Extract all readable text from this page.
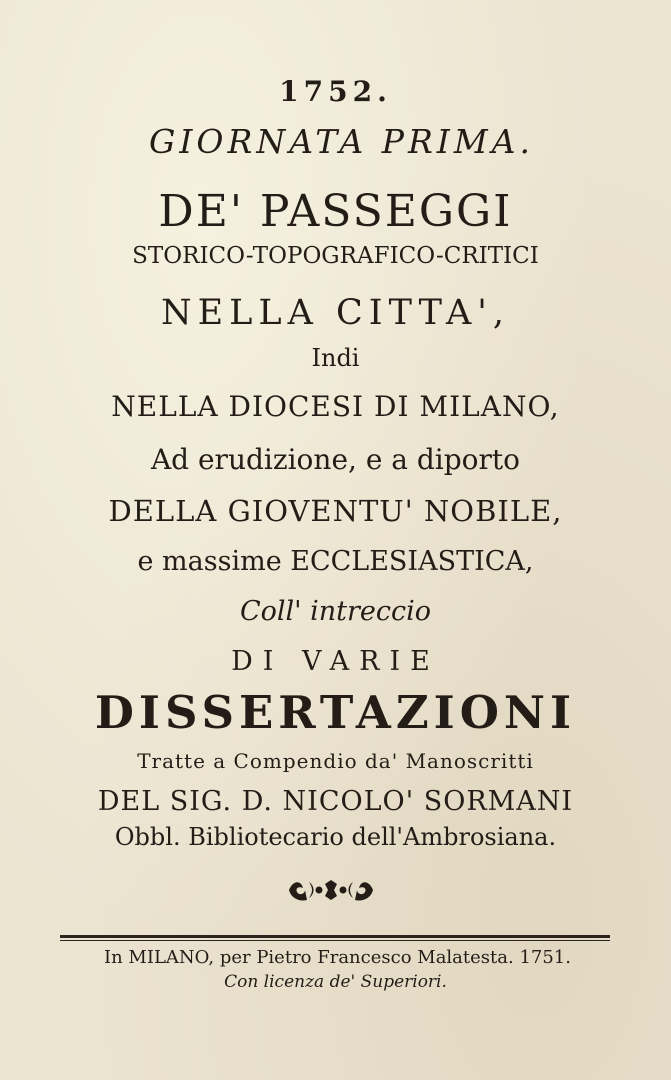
1752.
GIORNATA PRIMA.
DE' PASSEGGI
STORICO-TOPOGRAFICO-CRITICI
NELLA CITTA',
Indi
NELLA DIOCESI DI MILANO,
Ad erudizione, e a diporto
DELLA GIOVENTU' NOBILE,
e massime ECCLESIASTICA,
Coll' intreccio
DI VARIE
DISSERTAZIONI
Tratte a Compendio da' Manoscritti
DEL SIG. D. NICOLO' SORMANI
Obbl. Bibliotecario dell'Ambrosiana.
In MILANO, per Pietro Francesco Malatesta. 1751.
Con licenza de' Superiori.
